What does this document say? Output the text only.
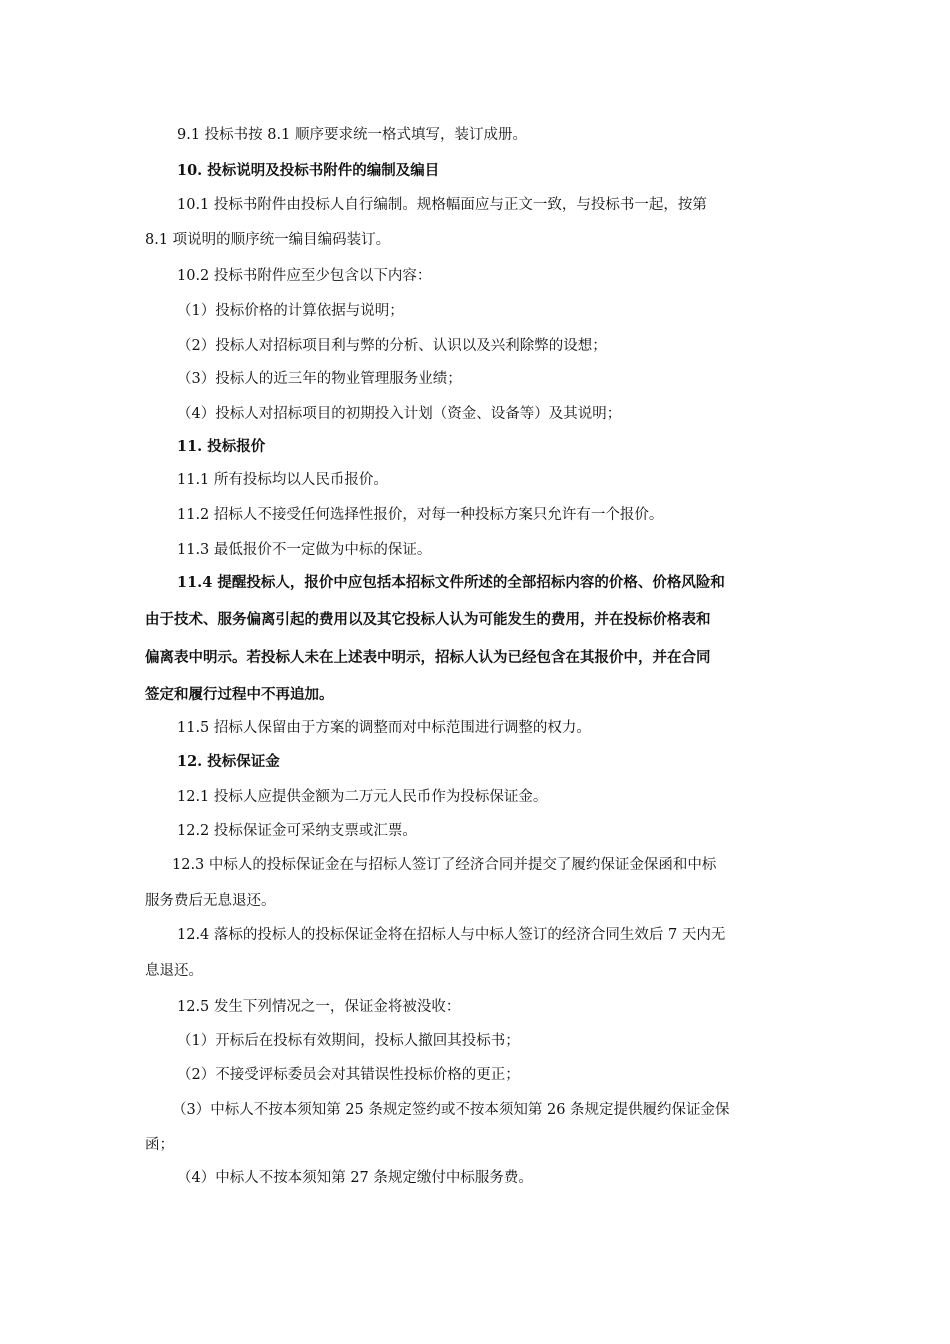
9.1 投标书按 8.1 顺序要求统一格式填写，装订成册。
10. 投标说明及投标书附件的编制及编目
10.1 投标书附件由投标人自行编制。规格幅面应与正文一致，与投标书一起，按第
8.1 项说明的顺序统一编目编码装订。
10.2 投标书附件应至少包含以下内容：
（1）投标价格的计算依据与说明；
（2）投标人对招标项目利与弊的分析、认识以及兴利除弊的设想；
（3）投标人的近三年的物业管理服务业绩；
（4）投标人对招标项目的初期投入计划（资金、设备等）及其说明；
11. 投标报价
11.1 所有投标均以人民币报价。
11.2 招标人不接受任何选择性报价，对每一种投标方案只允许有一个报价。
11.3 最低报价不一定做为中标的保证。
11.4 提醒投标人，报价中应包括本招标文件所述的全部招标内容的价格、价格风险和
由于技术、服务偏离引起的费用以及其它投标人认为可能发生的费用，并在投标价格表和
偏离表中明示。若投标人未在上述表中明示，招标人认为已经包含在其报价中，并在合同
签定和履行过程中不再追加。
11.5 招标人保留由于方案的调整而对中标范围进行调整的权力。
12. 投标保证金
12.1 投标人应提供金额为二万元人民币作为投标保证金。
12.2 投标保证金可采纳支票或汇票。
12.3 中标人的投标保证金在与招标人签订了经济合同并提交了履约保证金保函和中标
服务费后无息退还。
12.4 落标的投标人的投标保证金将在招标人与中标人签订的经济合同生效后 7 天内无
息退还。
12.5 发生下列情况之一，保证金将被没收：
（1）开标后在投标有效期间，投标人撤回其投标书；
（2）不接受评标委员会对其错误性投标价格的更正；
（3）中标人不按本须知第 25 条规定签约或不按本须知第 26 条规定提供履约保证金保
函；
（4）中标人不按本须知第 27 条规定缴付中标服务费。
